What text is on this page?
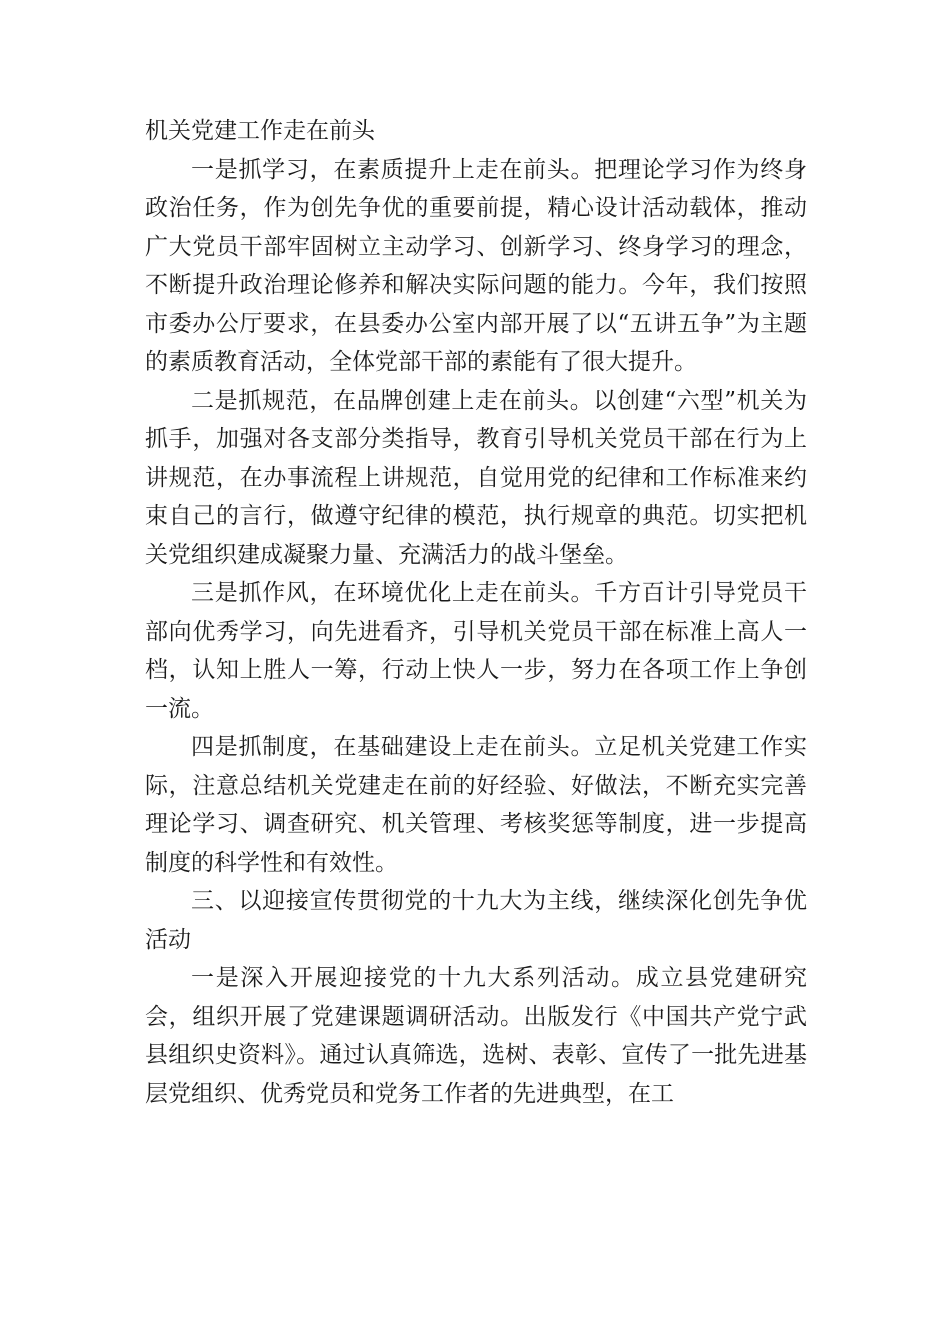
机关党建工作走在前头

一是抓学习，在素质提升上走在前头。把理论学习作为终身政治任务，作为创先争优的重要前提，精心设计活动载体，推动广大党员干部牢固树立主动学习、创新学习、终身学习的理念，不断提升政治理论修养和解决实际问题的能力。今年，我们按照市委办公厅要求，在县委办公室内部开展了以“五讲五争”为主题的素质教育活动，全体党部干部的素能有了很大提升。

二是抓规范，在品牌创建上走在前头。以创建“六型”机关为抓手，加强对各支部分类指导，教育引导机关党员干部在行为上讲规范，在办事流程上讲规范，自觉用党的纪律和工作标准来约束自己的言行，做遵守纪律的模范，执行规章的典范。切实把机关党组织建成凝聚力量、充满活力的战斗堡垒。

三是抓作风，在环境优化上走在前头。千方百计引导党员干部向优秀学习，向先进看齐，引导机关党员干部在标准上高人一档，认知上胜人一筹，行动上快人一步，努力在各项工作上争创一流。

四是抓制度，在基础建设上走在前头。立足机关党建工作实际，注意总结机关党建走在前的好经验、好做法，不断充实完善理论学习、调查研究、机关管理、考核奖惩等制度，进一步提高制度的科学性和有效性。

三、以迎接宣传贯彻党的十九大为主线，继续深化创先争优活动

一是深入开展迎接党的十九大系列活动。成立县党建研究会，组织开展了党建课题调研活动。出版发行《中国共产党宁武县组织史资料》。通过认真筛选，选树、表彰、宣传了一批先进基层党组织、优秀党员和党务工作者的先进典型，在工
